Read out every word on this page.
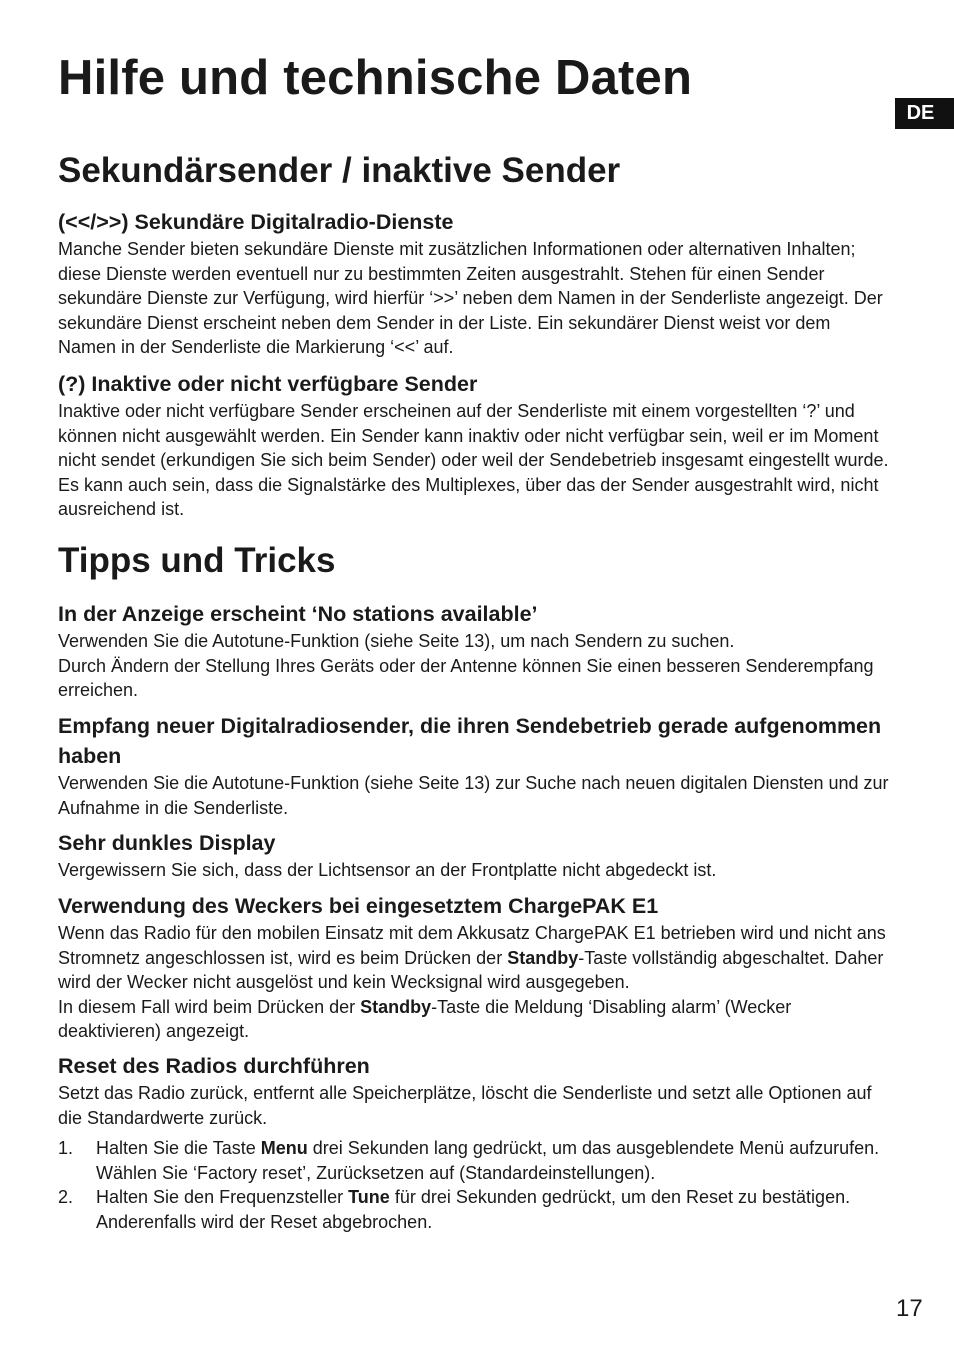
Hilfe und technische Daten
DE
Sekundärsender / inaktive Sender
(<</>>) Sekundäre Digitalradio-Dienste

Manche Sender bieten sekundäre Dienste mit zusätzlichen Informationen oder alternativen Inhalten; diese Dienste werden eventuell nur zu bestimmten Zeiten ausgestrahlt. Stehen für einen Sender sekundäre Dienste zur Verfügung, wird hierfür ‘>>’ neben dem Namen in der Senderliste angezeigt. Der sekundäre Dienst erscheint neben dem Sender in der Liste. Ein sekundärer Dienst weist vor dem Namen in der Senderliste die Markierung ‘<<’ auf.

(?) Inaktive oder nicht verfügbare Sender

Inaktive oder nicht verfügbare Sender erscheinen auf der Senderliste mit einem vorgestellten ‘?’ und können nicht ausgewählt werden. Ein Sender kann inaktiv oder nicht verfügbar sein, weil er im Moment nicht sendet (erkundigen Sie sich beim Sender) oder weil der Sendebetrieb insgesamt eingestellt wurde. Es kann auch sein, dass die Signalstärke des Multiplexes, über das der Sender ausgestrahlt wird, nicht ausreichend ist.

Tipps und Tricks
In der Anzeige erscheint ‘No stations available’

Verwenden Sie die Autotune-Funktion (siehe Seite 13), um nach Sendern zu suchen.

Durch Ändern der Stellung Ihres Geräts oder der Antenne können Sie einen besseren Senderempfang erreichen.

Empfang neuer Digitalradiosender, die ihren Sendebetrieb gerade aufgenommen haben

Verwenden Sie die Autotune-Funktion (siehe Seite 13) zur Suche nach neuen digitalen Diensten und zur Aufnahme in die Senderliste.

Sehr dunkles Display

Vergewissern Sie sich, dass der Lichtsensor an der Frontplatte nicht abgedeckt ist.

Verwendung des Weckers bei eingesetztem ChargePAK E1

Wenn das Radio für den mobilen Einsatz mit dem Akkusatz ChargePAK E1 betrieben wird und nicht ans Stromnetz angeschlossen ist, wird es beim Drücken der Standby-Taste vollständig abgeschaltet. Daher wird der Wecker nicht ausgelöst und kein Wecksignal wird ausgegeben.

In diesem Fall wird beim Drücken der Standby-Taste die Meldung ‘Disabling alarm’ (Wecker deaktivieren) angezeigt.

Reset des Radios durchführen

Setzt das Radio zurück, entfernt alle Speicherplätze, löscht die Senderliste und setzt alle Optionen auf die Standardwerte zurück.

1. Halten Sie die Taste Menu drei Sekunden lang gedrückt, um das ausgeblendete Menü aufzurufen. Wählen Sie ‘Factory reset’, Zurücksetzen auf (Standardeinstellungen).
2. Halten Sie den Frequenzsteller Tune für drei Sekunden gedrückt, um den Reset zu bestätigen. Anderenfalls wird der Reset abgebrochen.
17
